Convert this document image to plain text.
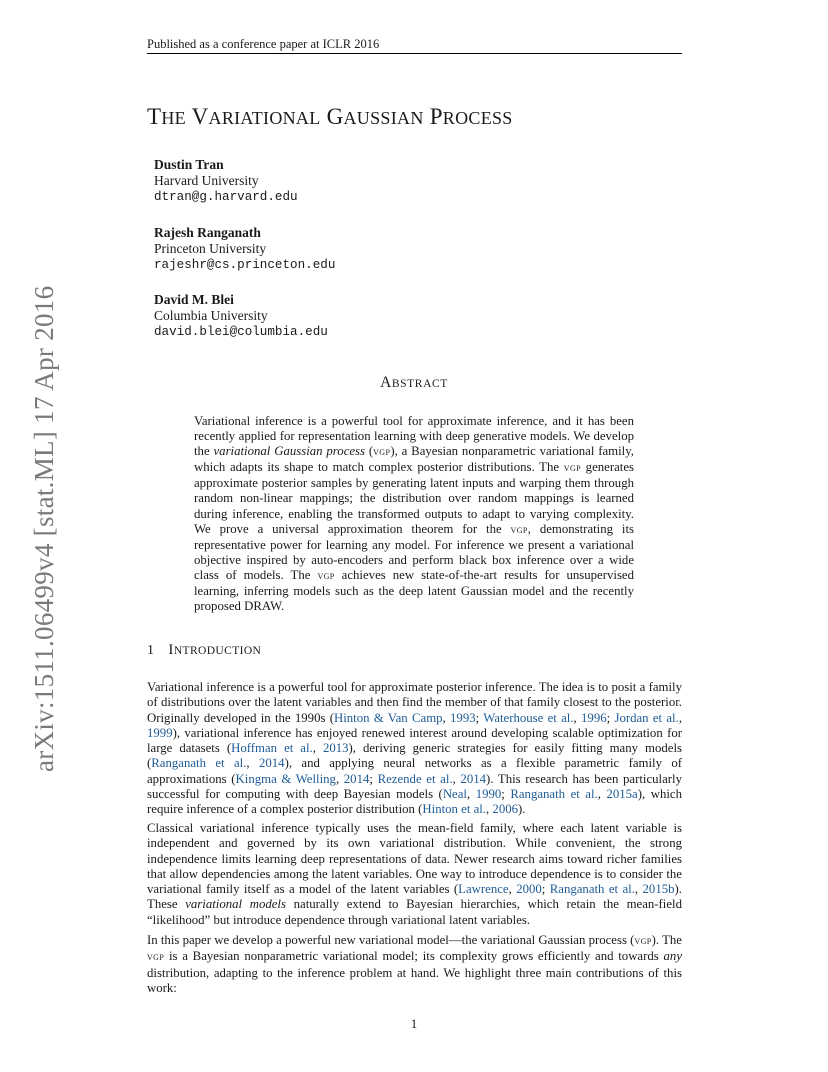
Published as a conference paper at ICLR 2016
THE VARIATIONAL GAUSSIAN PROCESS
Dustin Tran
Harvard University
dtran@g.harvard.edu
Rajesh Ranganath
Princeton University
rajeshr@cs.princeton.edu
David M. Blei
Columbia University
david.blei@columbia.edu
ABSTRACT
Variational inference is a powerful tool for approximate inference, and it has been recently applied for representation learning with deep generative models. We develop the variational Gaussian process (vgp), a Bayesian nonparametric variational family, which adapts its shape to match complex posterior distributions. The vgp generates approximate posterior samples by generating latent inputs and warping them through random non-linear mappings; the distribution over random mappings is learned during inference, enabling the transformed outputs to adapt to varying complexity. We prove a universal approximation theorem for the vgp, demonstrating its representative power for learning any model. For inference we present a variational objective inspired by auto-encoders and perform black box inference over a wide class of models. The vgp achieves new state-of-the-art results for unsupervised learning, inferring models such as the deep latent Gaussian model and the recently proposed DRAW.
1 INTRODUCTION
Variational inference is a powerful tool for approximate posterior inference. The idea is to posit a family of distributions over the latent variables and then find the member of that family closest to the posterior. Originally developed in the 1990s (Hinton & Van Camp, 1993; Waterhouse et al., 1996; Jordan et al., 1999), variational inference has enjoyed renewed interest around developing scalable optimization for large datasets (Hoffman et al., 2013), deriving generic strategies for easily fitting many models (Ranganath et al., 2014), and applying neural networks as a flexible parametric family of approximations (Kingma & Welling, 2014; Rezende et al., 2014). This research has been particularly successful for computing with deep Bayesian models (Neal, 1990; Ranganath et al., 2015a), which require inference of a complex posterior distribution (Hinton et al., 2006).
Classical variational inference typically uses the mean-field family, where each latent variable is independent and governed by its own variational distribution. While convenient, the strong independence limits learning deep representations of data. Newer research aims toward richer families that allow dependencies among the latent variables. One way to introduce dependence is to consider the variational family itself as a model of the latent variables (Lawrence, 2000; Ranganath et al., 2015b). These variational models naturally extend to Bayesian hierarchies, which retain the mean-field “likelihood” but introduce dependence through variational latent variables.
In this paper we develop a powerful new variational model—the variational Gaussian process (vgp). The vgp is a Bayesian nonparametric variational model; its complexity grows efficiently and towards any distribution, adapting to the inference problem at hand. We highlight three main contributions of this work:
arXiv:1511.06499v4 [stat.ML] 17 Apr 2016
1
